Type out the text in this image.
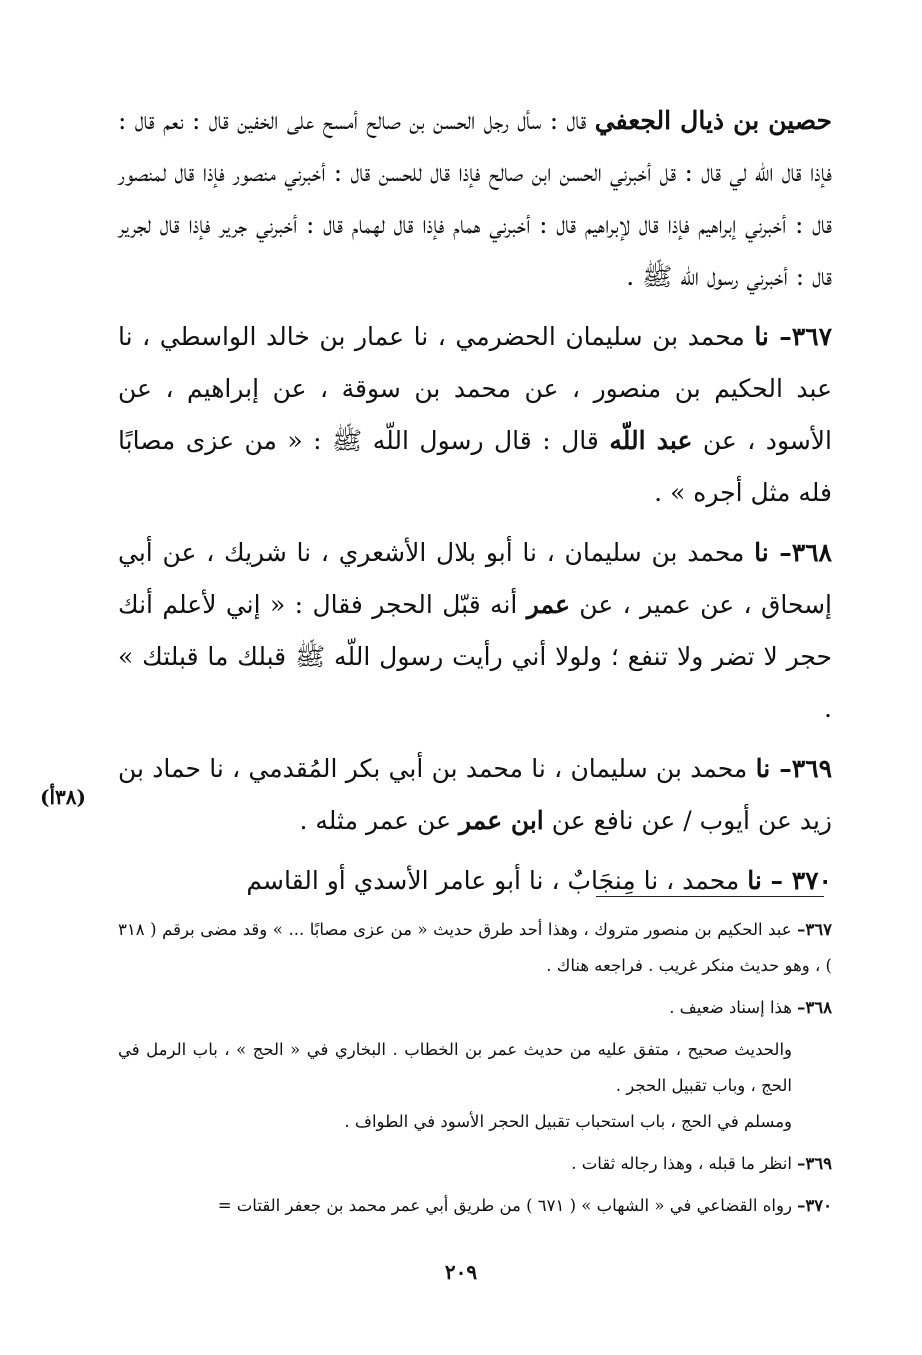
حصين بن ذيال الجعفي قال : سأل رجل الحسن بن صالح أمسح على الخفين قال : نعم قال : فإذا قال اللّه لي قال : قل أخبرني الحسن ابن صالح فإذا قال للحسن قال : أخبرني منصور فإذا قال لمنصور قال : أخبرني إبراهيم فإذا قال لإبراهيم قال : أخبرني همام فإذا قال لهمام قال : أخبرني جرير فإذا قال لجرير قال : أخبرني رسول اللّه ﷺ .

٣٦٧– نا محمد بن سليمان الحضرمي ، نا عمار بن خالد الواسطي ، نا عبد الحكيم بن منصور ، عن محمد بن سوقة ، عن إبراهيم ، عن الأسود ، عن عبد اللّه قال : قال رسول اللّه ﷺ : « من عزى مصابًا فله مثل أجره » .

٣٦٨– نا محمد بن سليمان ، نا أبو بلال الأشعري ، نا شريك ، عن أبي إسحاق ، عن عمير ، عن عمر أنه قبّل الحجر فقال : « إني لأعلم أنك حجر لا تضر ولا تنفع ؛ ولولا أني رأيت رسول اللّه ﷺ قبلك ما قبلتك » .

٣٦٩– نا محمد بن سليمان ، نا محمد بن أبي بكر المُقدمي ، نا حماد بن زيد عن أيوب / عن نافع عن ابن عمر عن عمر مثله .

٣٧٠ – نا محمد ، نا مِنجَابٌ ، نا أبو عامر الأسدي أو القاسم

(٣٨أ)

٣٦٧– عبد الحكيم بن منصور متروك ، وهذا أحد طرق حديث « من عزى مصابًا ... » وقد مضى برقم ( ٣١٨ ) ، وهو حديث منكر غريب . فراجعه هناك .

٣٦٨– هذا إسناد ضعيف .

والحديث صحيح ، متفق عليه من حديث عمر بن الخطاب . البخاري في « الحج » ، باب الرمل في الحج ، وباب تقبيل الحجر .

ومسلم في الحج ، باب استحباب تقبيل الحجر الأسود في الطواف .

٣٦٩– انظر ما قبله ، وهذا رجاله ثقات .

٣٧٠– رواه القضاعي في « الشهاب » ( ٦٧١ ) من طريق أبي عمر محمد بن جعفر القتات =

٢٠٩
